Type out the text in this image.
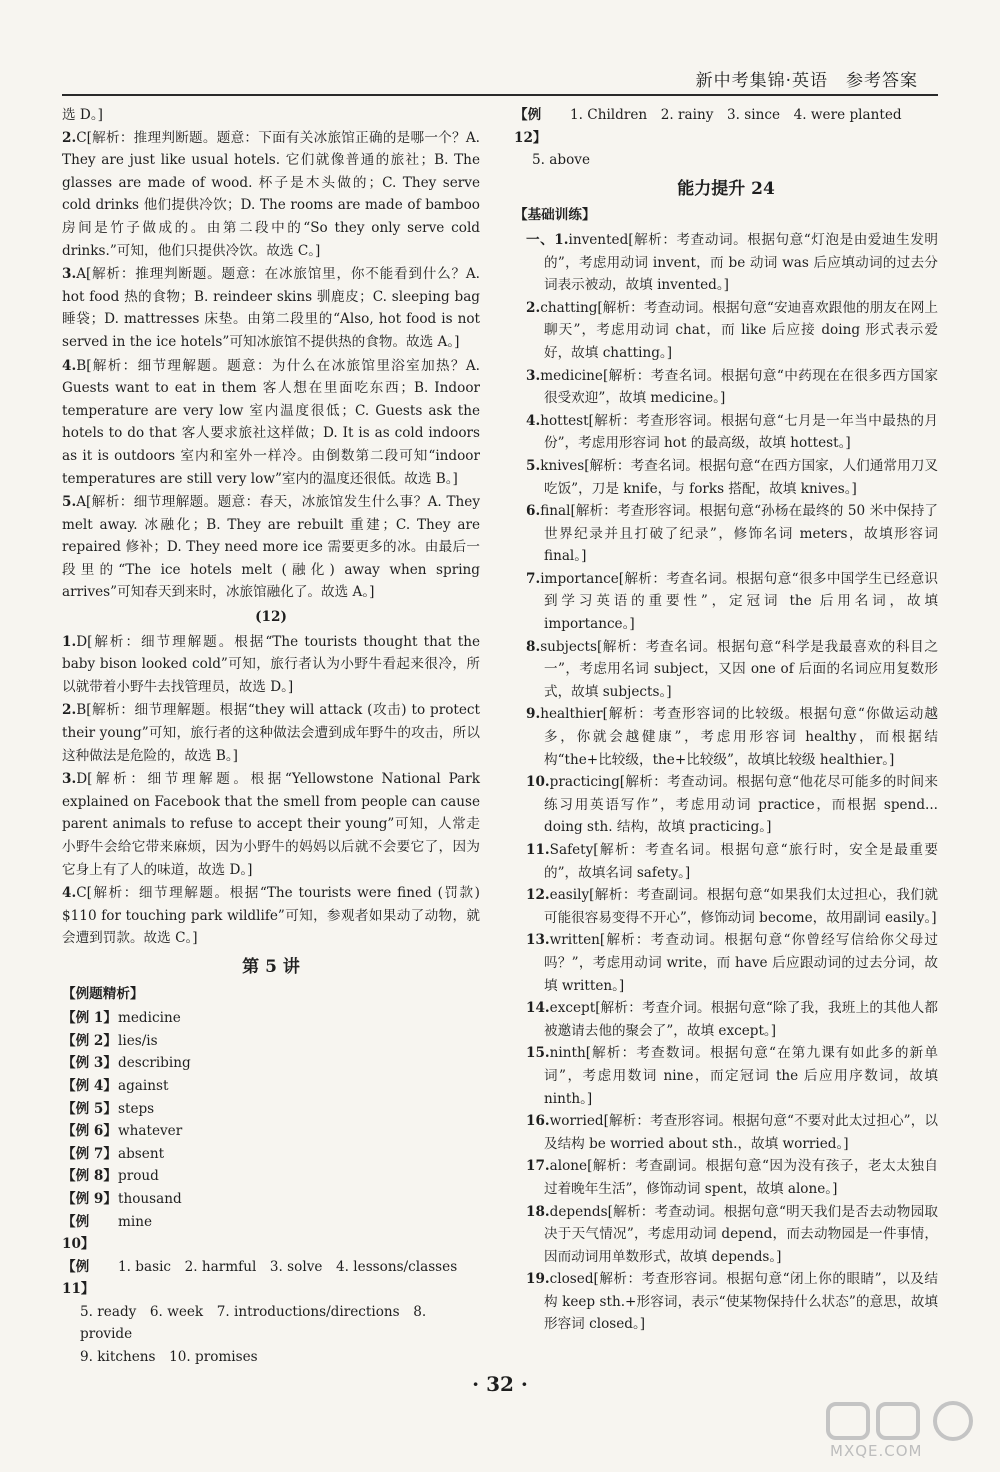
新中考集锦·英语　参考答案

选 D。]

2.C[解析：推理判断题。题意：下面有关冰旅馆正确的是哪一个？A. They are just like usual hotels. 它们就像普通的旅社；B. The glasses are made of wood. 杯子是木头做的；C. They serve cold drinks 他们提供冷饮；D. The rooms are made of bamboo 房间是竹子做成的。由第二段中的“So they only serve cold drinks.”可知，他们只提供冷饮。故选 C。]

3.A[解析：推理判断题。题意：在冰旅馆里，你不能看到什么？A. hot food 热的食物；B. reindeer skins 驯鹿皮；C. sleeping bag 睡袋；D. mattresses 床垫。由第二段里的“Also, hot food is not served in the ice hotels”可知冰旅馆不提供热的食物。故选 A。]

4.B[解析：细节理解题。题意：为什么在冰旅馆里浴室加热？A. Guests want to eat in them 客人想在里面吃东西；B. Indoor temperature are very low 室内温度很低；C. Guests ask the hotels to do that 客人要求旅社这样做；D. It is as cold indoors as it is outdoors 室内和室外一样冷。由倒数第二段可知“indoor temperatures are still very low”室内的温度还很低。故选 B。]

5.A[解析：细节理解题。题意：春天，冰旅馆发生什么事？A. They melt away. 冰融化；B. They are rebuilt 重建；C. They are repaired 修补；D. They need more ice 需要更多的冰。由最后一段里的“The ice hotels melt (融化) away when spring arrives”可知春天到来时，冰旅馆融化了。故选 A。]

(12)

1.D[解析：细节理解题。根据“The tourists thought that the baby bison looked cold”可知，旅行者认为小野牛看起来很冷，所以就带着小野牛去找管理员，故选 D。]

2.B[解析：细节理解题。根据“they will attack (攻击) to protect their young”可知，旅行者的这种做法会遭到成年野牛的攻击，所以这种做法是危险的，故选 B。]

3.D[解析：细节理解题。根据“Yellowstone National Park explained on Facebook that the smell from people can cause parent animals to refuse to accept their young”可知，人常走小野牛会给它带来麻烦，因为小野牛的妈妈以后就不会要它了，因为它身上有了人的味道，故选 D。]

4.C[解析：细节理解题。根据“The tourists were fined (罚款) $110 for touching park wildlife”可知，参观者如果动了动物，就会遭到罚款。故选 C。]

第 5 讲
【例题精析】
【例 1】 medicine
【例 2】 lies/is
【例 3】 describing
【例 4】 against
【例 5】 steps
【例 6】 whatever
【例 7】 absent
【例 8】 proud
【例 9】 thousand
【例 10】
mine
【例 11】
1. basic　2. harmful　3. solve　4. lessons/classes
5. ready　6. week　7. introductions/directions　8. provide
9. kitchens　10. promises
【例 12】
1. Children　2. rainy　3. since　4. were planted
5. above
能力提升 24
【基础训练】

一、1.invented[解析：考查动词。根据句意“灯泡是由爱迪生发明的”，考虑用动词 invent，而 be 动词 was 后应填动词的过去分词表示被动，故填 invented。]

2.chatting[解析：考查动词。根据句意“安迪喜欢跟他的朋友在网上聊天”，考虑用动词 chat，而 like 后应接 doing 形式表示爱好，故填 chatting。]

3.medicine[解析：考查名词。根据句意“中药现在在很多西方国家很受欢迎”，故填 medicine。]

4.hottest[解析：考查形容词。根据句意“七月是一年当中最热的月份”，考虑用形容词 hot 的最高级，故填 hottest。]

5.knives[解析：考查名词。根据句意“在西方国家，人们通常用刀叉吃饭”，刀是 knife，与 forks 搭配，故填 knives。]

6.final[解析：考查形容词。根据句意“孙杨在最终的 50 米中保持了世界纪录并且打破了纪录”，修饰名词 meters，故填形容词 final。]

7.importance[解析：考查名词。根据句意“很多中国学生已经意识到学习英语的重要性”，定冠词 the 后用名词，故填 importance。]

8.subjects[解析：考查名词。根据句意“科学是我最喜欢的科目之一”，考虑用名词 subject，又因 one of 后面的名词应用复数形式，故填 subjects。]

9.healthier[解析：考查形容词的比较级。根据句意“你做运动越多，你就会越健康”，考虑用形容词 healthy，而根据结构“the+比较级，the+比较级”，故填比较级 healthier。]

10.practicing[解析：考查动词。根据句意“他花尽可能多的时间来练习用英语写作”，考虑用动词 practice，而根据 spend... doing sth. 结构，故填 practicing。]

11.Safety[解析：考查名词。根据句意“旅行时，安全是最重要的”，故填名词 safety。]

12.easily[解析：考查副词。根据句意“如果我们太过担心，我们就可能很容易变得不开心”，修饰动词 become，故用副词 easily。]

13.written[解析：考查动词。根据句意“你曾经写信给你父母过吗？”，考虑用动词 write，而 have 后应跟动词的过去分词，故填 written。]

14.except[解析：考查介词。根据句意“除了我，我班上的其他人都被邀请去他的聚会了”，故填 except。]

15.ninth[解析：考查数词。根据句意“在第九课有如此多的新单词”，考虑用数词 nine，而定冠词 the 后应用序数词，故填 ninth。]

16.worried[解析：考查形容词。根据句意“不要对此太过担心”，以及结构 be worried about sth.，故填 worried。]

17.alone[解析：考查副词。根据句意“因为没有孩子，老太太独自过着晚年生活”，修饰动词 spent，故填 alone。]

18.depends[解析：考查动词。根据句意“明天我们是否去动物园取决于天气情况”，考虑用动词 depend，而去动物园是一件事情，因而动词用单数形式，故填 depends。]

19.closed[解析：考查形容词。根据句意“闭上你的眼睛”，以及结构 keep sth.+形容词，表示“使某物保持什么状态”的意思，故填形容词 closed。]

· 32 ·
MXQE.COM
